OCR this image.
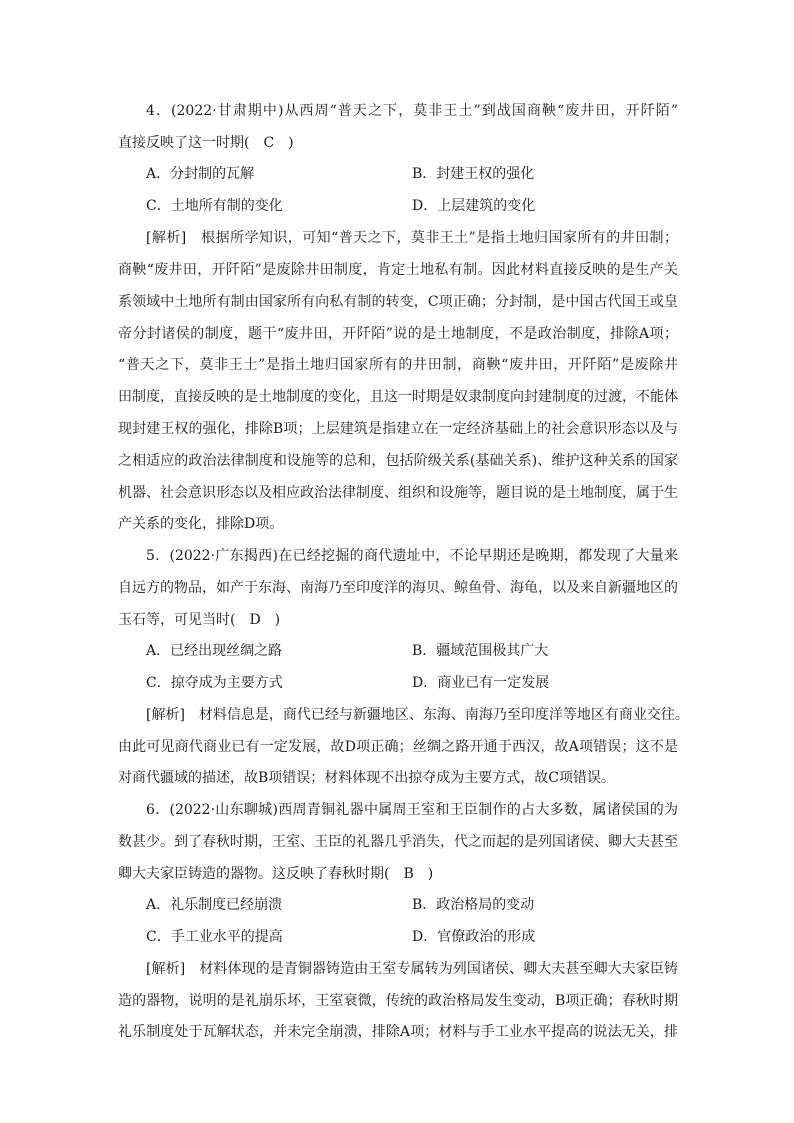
4．(2022·甘肃期中)从西周“普天之下，莫非王土”到战国商鞅“废井田，开阡陌”
直接反映了这一时期(　C　)
A．分封制的瓦解	B．封建王权的强化
C．土地所有制的变化	D．上层建筑的变化
[解析]　根据所学知识，可知“普天之下，莫非王土”是指土地归国家所有的井田制；
商鞅“废井田，开阡陌”是废除井田制度，肯定土地私有制。因此材料直接反映的是生产关
系领域中土地所有制由国家所有向私有制的转变，C项正确；分封制，是中国古代国王或皇
帝分封诸侯的制度，题干“废井田，开阡陌”说的是土地制度，不是政治制度，排除A项；
“普天之下，莫非王土”是指土地归国家所有的井田制，商鞅“废井田，开阡陌”是废除井
田制度，直接反映的是土地制度的变化，且这一时期是奴隶制度向封建制度的过渡，不能体
现封建王权的强化，排除B项；上层建筑是指建立在一定经济基础上的社会意识形态以及与
之相适应的政治法律制度和设施等的总和，包括阶级关系(基础关系)、维护这种关系的国家
机器、社会意识形态以及相应政治法律制度、组织和设施等，题目说的是土地制度，属于生
产关系的变化，排除D项。
5．(2022·广东揭西)在已经挖掘的商代遗址中，不论早期还是晚期，都发现了大量来
自远方的物品，如产于东海、南海乃至印度洋的海贝、鲸鱼骨、海龟，以及来自新疆地区的
玉石等，可见当时(　D　)
A．已经出现丝绸之路	B．疆域范围极其广大
C．掠夺成为主要方式	D．商业已有一定发展
[解析]　材料信息是，商代已经与新疆地区、东海、南海乃至印度洋等地区有商业交往。
由此可见商代商业已有一定发展，故D项正确；丝绸之路开通于西汉，故A项错误；这不是
对商代疆域的描述，故B项错误；材料体现不出掠夺成为主要方式，故C项错误。
6．(2022·山东聊城)西周青铜礼器中属周王室和王臣制作的占大多数，属诸侯国的为
数甚少。到了春秋时期，王室、王臣的礼器几乎消失，代之而起的是列国诸侯、卿大夫甚至
卿大夫家臣铸造的器物。这反映了春秋时期(　B　)
A．礼乐制度已经崩溃	B．政治格局的变动
C．手工业水平的提高	D．官僚政治的形成
[解析]　材料体现的是青铜器铸造由王室专属转为列国诸侯、卿大夫甚至卿大夫家臣铸
造的器物，说明的是礼崩乐坏，王室衰微，传统的政治格局发生变动，B项正确；春秋时期
礼乐制度处于瓦解状态，并未完全崩溃，排除A项；材料与手工业水平提高的说法无关，排
